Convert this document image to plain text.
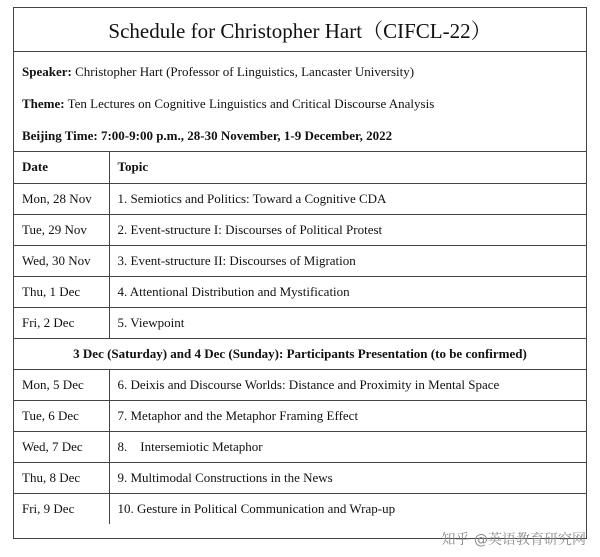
Schedule for Christopher Hart（CIFCL-22）
Speaker: Christopher Hart (Professor of Linguistics, Lancaster University)
Theme: Ten Lectures on Cognitive Linguistics and Critical Discourse Analysis
Beijing Time: 7:00-9:00 p.m., 28-30 November, 1-9 December, 2022
Date	Topic
Mon, 28 Nov	1. Semiotics and Politics: Toward a Cognitive CDA
Tue, 29 Nov	2. Event-structure I: Discourses of Political Protest
Wed, 30 Nov	3. Event-structure II: Discourses of Migration
Thu, 1 Dec	4. Attentional Distribution and Mystification
Fri, 2 Dec	5. Viewpoint
3 Dec (Saturday) and 4 Dec (Sunday): Participants Presentation (to be confirmed)	
Mon, 5 Dec	6. Deixis and Discourse Worlds: Distance and Proximity in Mental Space
Tue, 6 Dec	7. Metaphor and the Metaphor Framing Effect
Wed, 7 Dec	8.    Intersemiotic Metaphor
Thu, 8 Dec	9. Multimodal Constructions in the News
Fri, 9 Dec	10. Gesture in Political Communication and Wrap-up
知乎 @英语教育研究网
